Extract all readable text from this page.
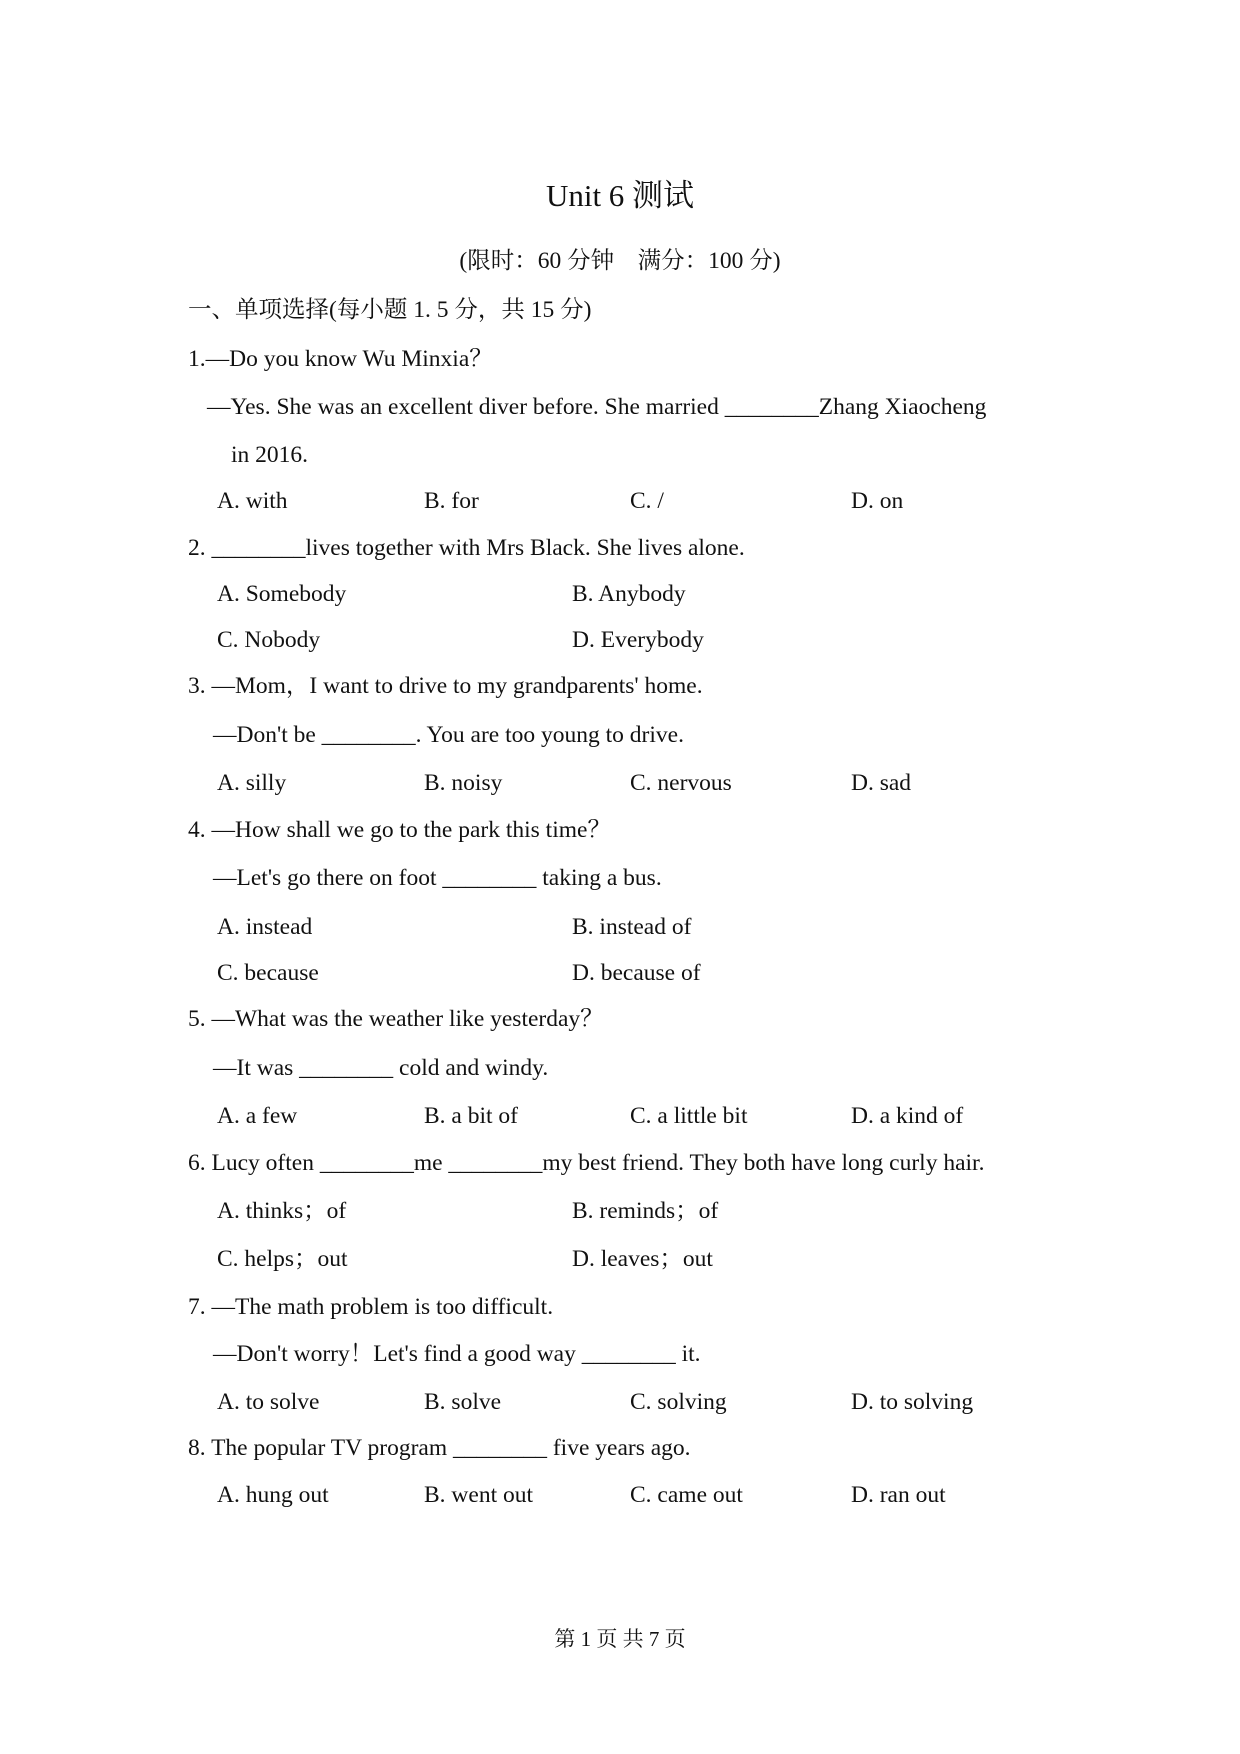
Unit 6 测试
(限时：60 分钟　满分：100 分)
一、单项选择(每小题 1. 5 分，共 15 分)
1.—Do you know Wu Minxia？
—Yes. She was an excellent diver before. She married ________Zhang Xiaocheng
in 2016.
A. with	B. for	C. /	D. on
2. ________lives together with Mrs Black. She lives alone.
A. Somebody	B. Anybody
C. Nobody	D. Everybody
3. —Mom，I want to drive to my grandparents' home.
—Don't be ________. You are too young to drive.
A. silly	B. noisy	C. nervous	D. sad
4. —How shall we go to the park this time？
—Let's go there on foot ________ taking a bus.
A. instead	B. instead of
C. because	D. because of
5. —What was the weather like yesterday？
—It was ________ cold and windy.
A. a few	B. a bit of	C. a little bit	D. a kind of
6. Lucy often ________me ________my best friend. They both have long curly hair.
A. thinks；of	B. reminds；of
C. helps；out	D. leaves；out
7. —The math problem is too difficult.
—Don't worry！Let's find a good way ________ it.
A. to solve	B. solve	C. solving	D. to solving
8. The popular TV program ________ five years ago.
A. hung out	B. went out	C. came out	D. ran out
第 1 页 共 7 页
